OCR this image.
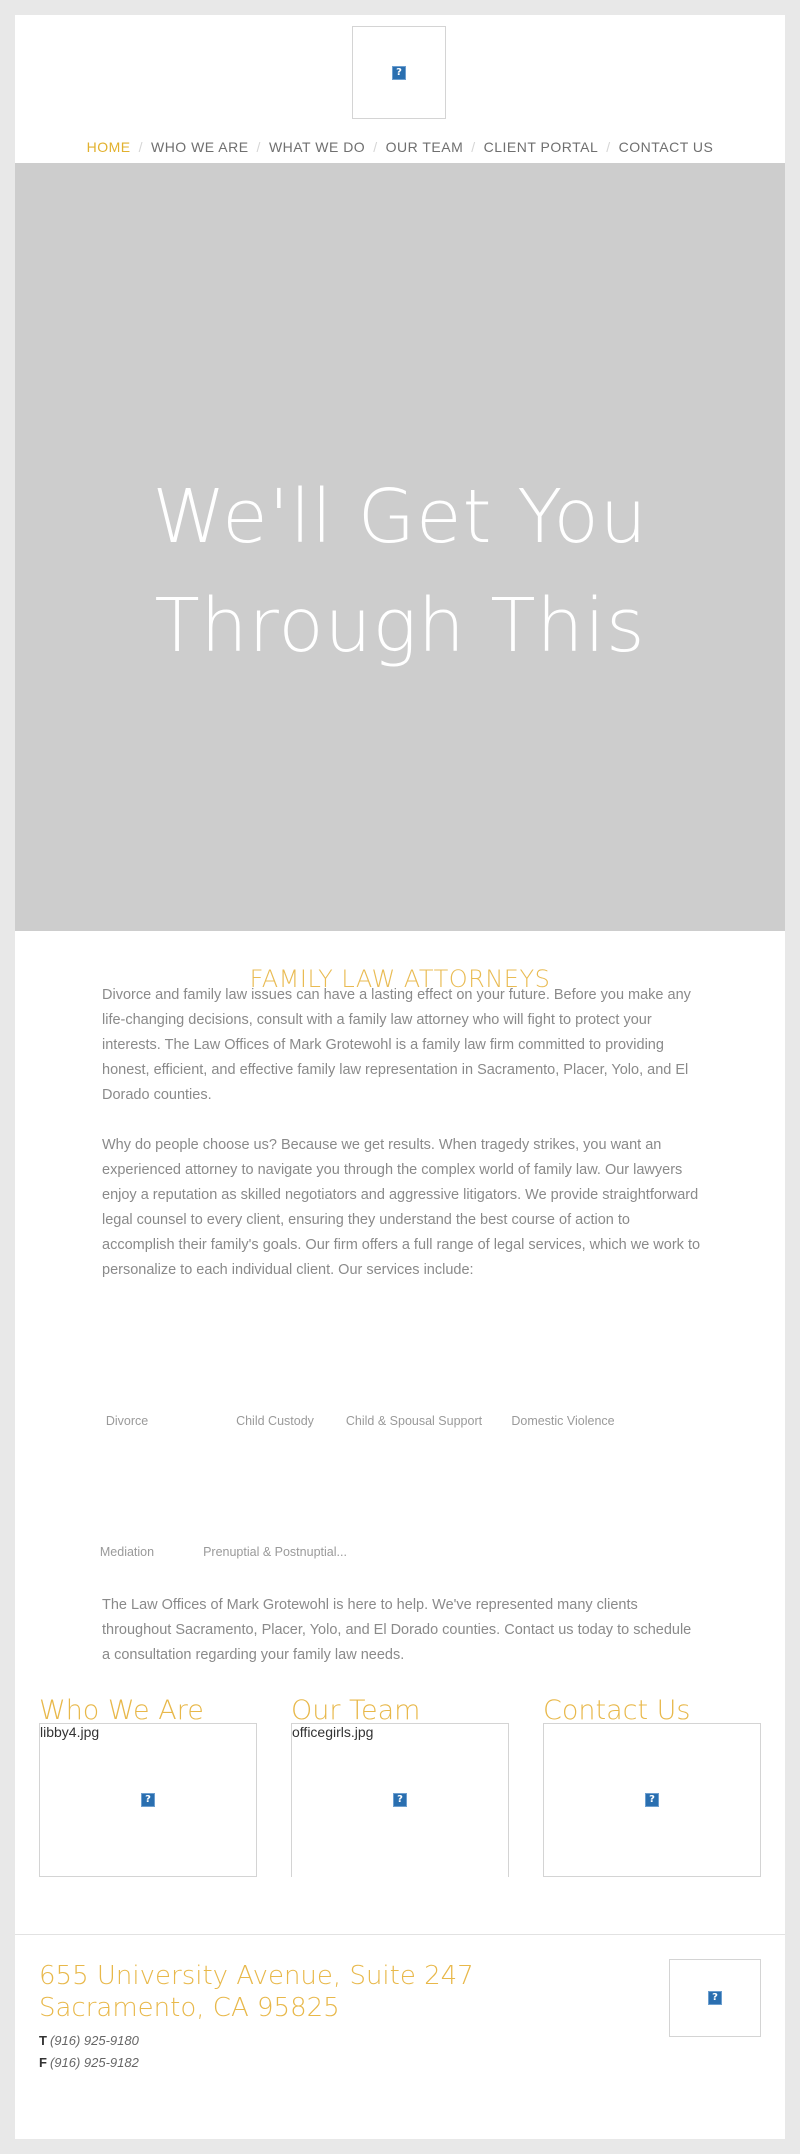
?
HOME / WHO WE ARE / WHAT WE DO / OUR TEAM / CLIENT PORTAL / CONTACT US
We'll Get You
Through This
FAMILY LAW ATTORNEYS

Divorce and family law issues can have a lasting effect on your future. Before you make any life-changing decisions, consult with a family law attorney who will fight to protect your interests. The Law Offices of Mark Grotewohl is a family law firm committed to providing honest, efficient, and effective family law representation in Sacramento, Placer, Yolo, and El Dorado counties.

Why do people choose us? Because we get results. When tragedy strikes, you want an experienced attorney to navigate you through the complex world of family law. Our lawyers enjoy a reputation as skilled negotiators and aggressive litigators. We provide straightforward legal counsel to every client, ensuring they understand the best course of action to accomplish their family's goals. Our firm offers a full range of legal services, which we work to personalize to each individual client. Our services include:

Divorce	Child Custody	Child & Spousal Support	Domestic Violence
Mediation	Prenuptial & Postnuptial...

The Law Offices of Mark Grotewohl is here to help. We've represented many clients throughout Sacramento, Placer, Yolo, and El Dorado counties. Contact us today to schedule a consultation regarding your family law needs.

Who We Are
libby4.jpg
?
Our Team
officegirls.jpg
?
Contact Us
?
655 University Avenue, Suite 247
Sacramento, CA 95825
T (916) 925-9180
F (916) 925-9182
?
